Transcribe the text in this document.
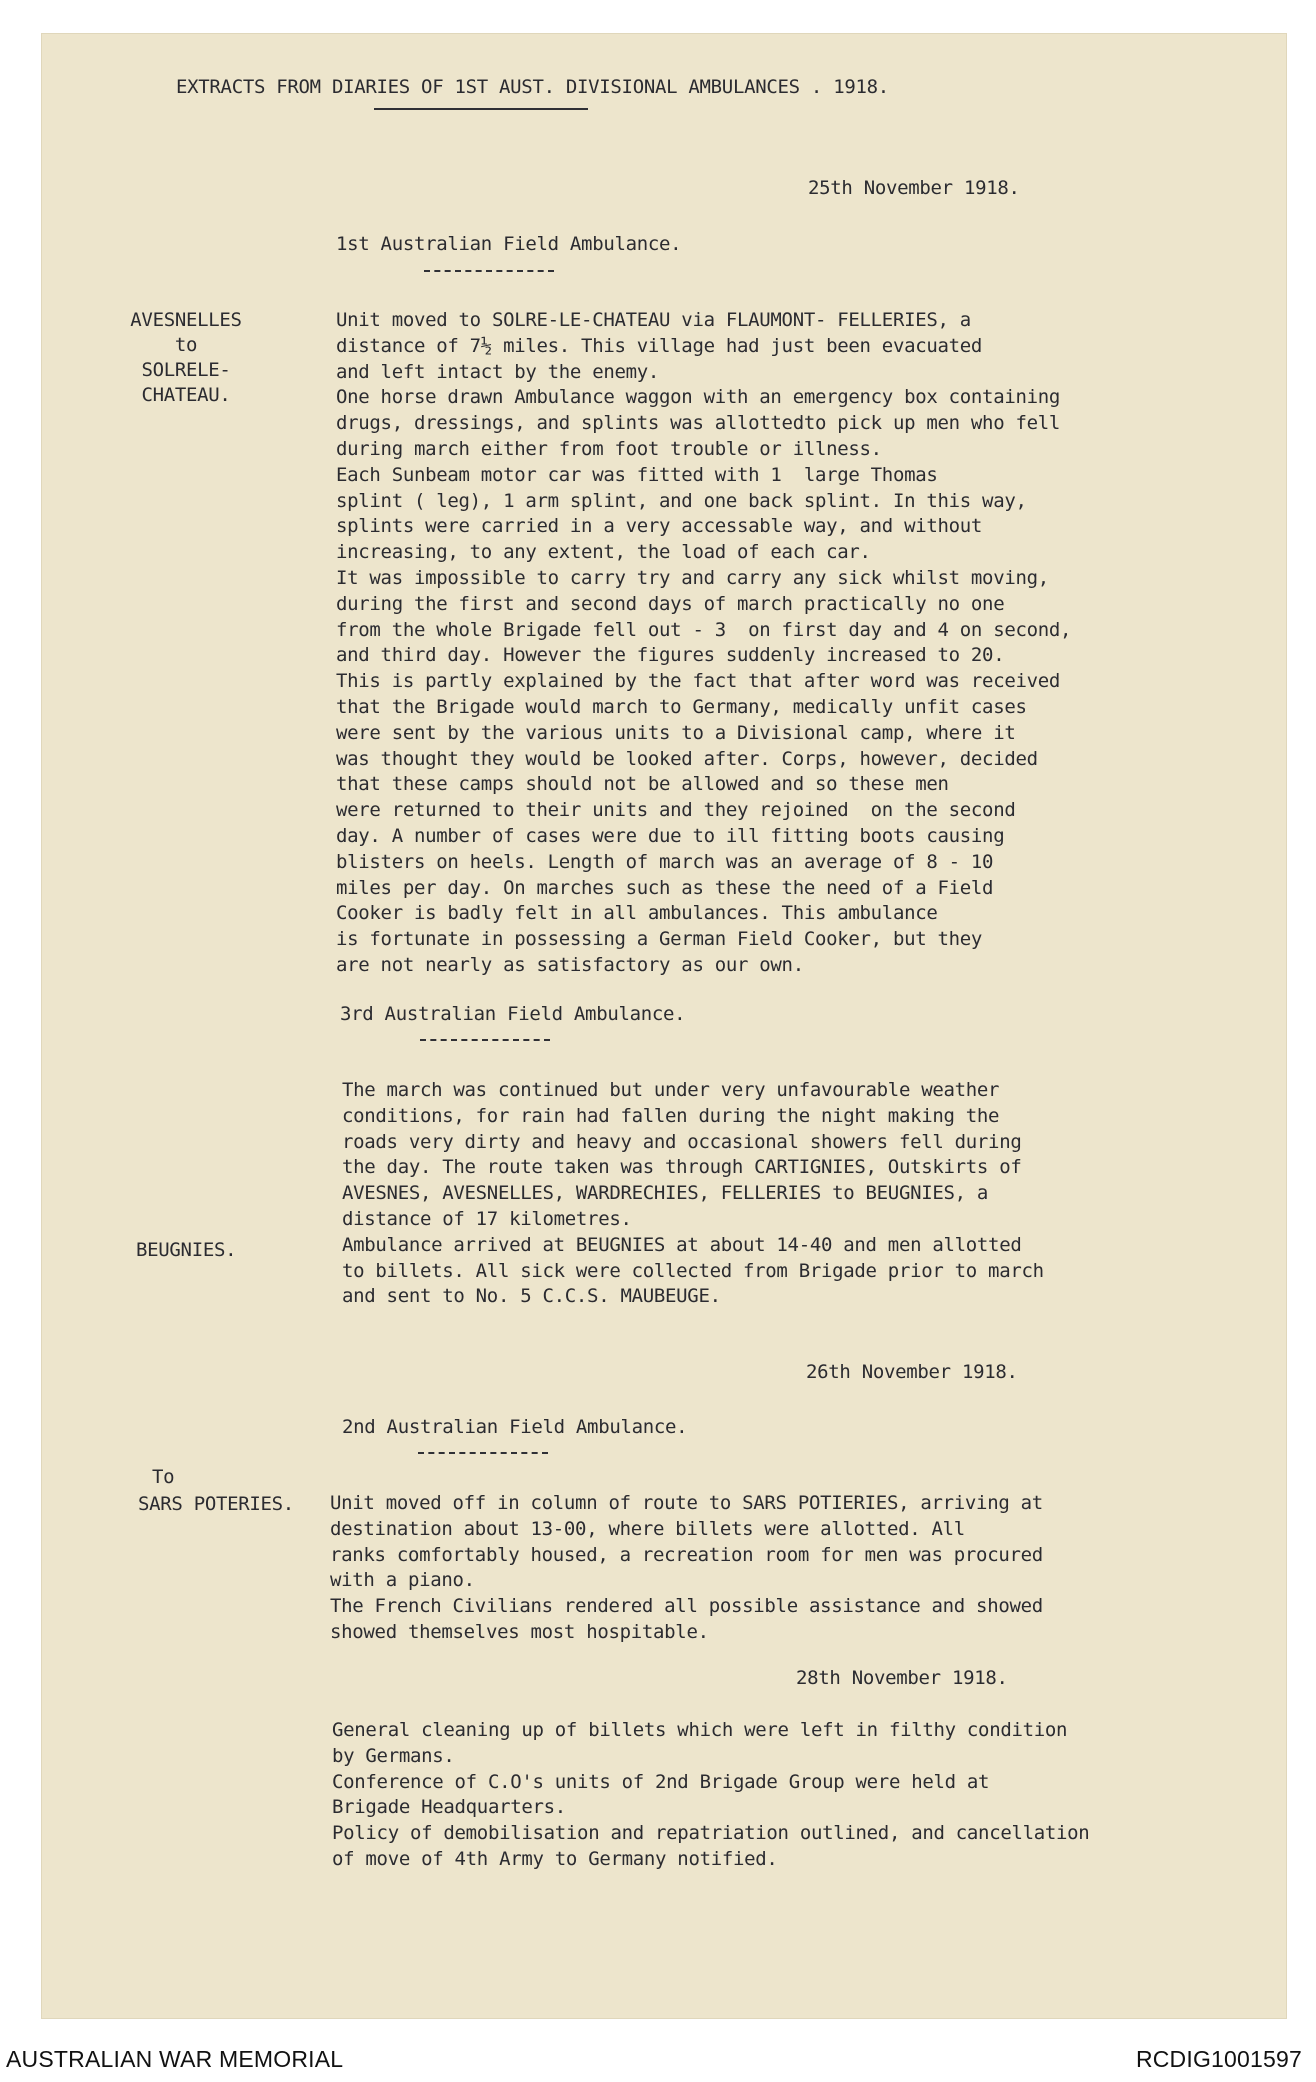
EXTRACTS FROM DIARIES OF 1ST AUST. DIVISIONAL AMBULANCES . 1918.
25th November 1918.
1st Australian Field Ambulance.
AVESNELLES
to
SOLRELE-
CHATEAU.
Unit moved to SOLRE-LE-CHATEAU via FLAUMONT- FELLERIES, a
distance of 7½ miles. This village had just been evacuated
and left intact by the enemy.
One horse drawn Ambulance waggon with an emergency box containing
drugs, dressings, and splints was allottedto pick up men who fell
during march either from foot trouble or illness.
Each Sunbeam motor car was fitted with 1  large Thomas
splint ( leg), 1 arm splint, and one back splint. In this way,
splints were carried in a very accessable way, and without
increasing, to any extent, the load of each car.
It was impossible to carry try and carry any sick whilst moving,
during the first and second days of march practically no one
from the whole Brigade fell out - 3  on first day and 4 on second,
and third day. However the figures suddenly increased to 20.
This is partly explained by the fact that after word was received
that the Brigade would march to Germany, medically unfit cases
were sent by the various units to a Divisional camp, where it
was thought they would be looked after. Corps, however, decided
that these camps should not be allowed and so these men
were returned to their units and they rejoined  on the second
day. A number of cases were due to ill fitting boots causing
blisters on heels. Length of march was an average of 8 - 10
miles per day. On marches such as these the need of a Field
Cooker is badly felt in all ambulances. This ambulance
is fortunate in possessing a German Field Cooker, but they
are not nearly as satisfactory as our own.
3rd Australian Field Ambulance.
The march was continued but under very unfavourable weather
conditions, for rain had fallen during the night making the
roads very dirty and heavy and occasional showers fell during
the day. The route taken was through CARTIGNIES, Outskirts of
AVESNES, AVESNELLES, WARDRECHIES, FELLERIES to BEUGNIES, a
distance of 17 kilometres.
Ambulance arrived at BEUGNIES at about 14-40 and men allotted
to billets. All sick were collected from Brigade prior to march
and sent to No. 5 C.C.S. MAUBEUGE.
BEUGNIES.
26th November 1918.
2nd Australian Field Ambulance.
To
SARS POTERIES. Unit moved off in column of route to SARS POTIERIES, arriving at
destination about 13-00, where billets were allotted. All
ranks comfortably housed, a recreation room for men was procured
with a piano.
The French Civilians rendered all possible assistance and showed
showed themselves most hospitable.
28th November 1918.
General cleaning up of billets which were left in filthy condition
by Germans.
Conference of C.O's units of 2nd Brigade Group were held at
Brigade Headquarters.
Policy of demobilisation and repatriation outlined, and cancellation
of move of 4th Army to Germany notified.
AUSTRALIAN WAR MEMORIAL	RCDIG1001597
